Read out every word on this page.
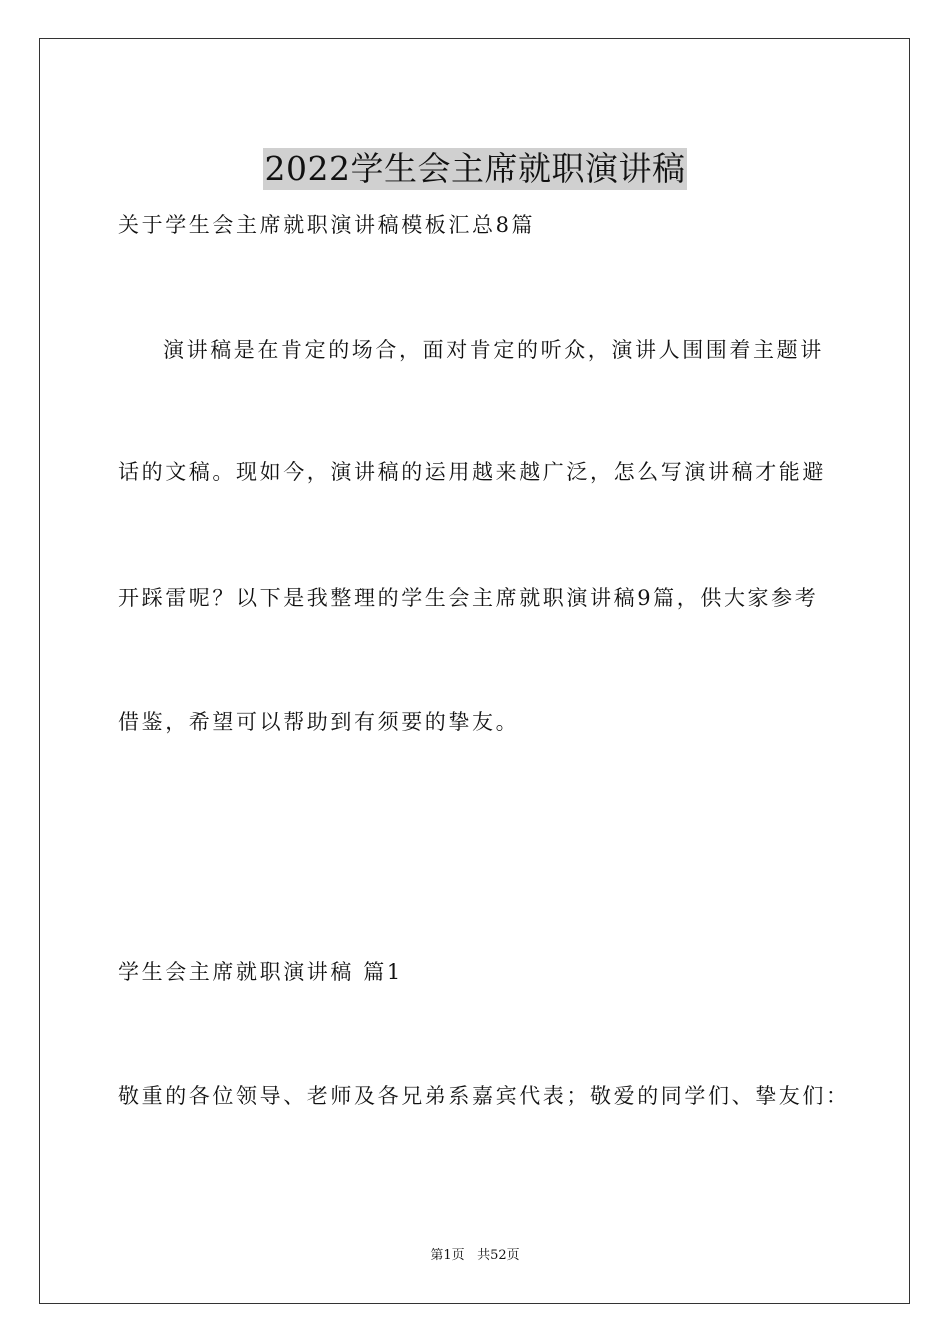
2022学生会主席就职演讲稿
关于学生会主席就职演讲稿模板汇总8篇
演讲稿是在肯定的场合，面对肯定的听众，演讲人围围着主题讲
话的文稿。现如今，演讲稿的运用越来越广泛，怎么写演讲稿才能避
开踩雷呢？以下是我整理的学生会主席就职演讲稿9篇，供大家参考
借鉴，希望可以帮助到有须要的挚友。
学生会主席就职演讲稿 篇1
敬重的各位领导、老师及各兄弟系嘉宾代表；敬爱的同学们、挚友们：
第1页 共52页
